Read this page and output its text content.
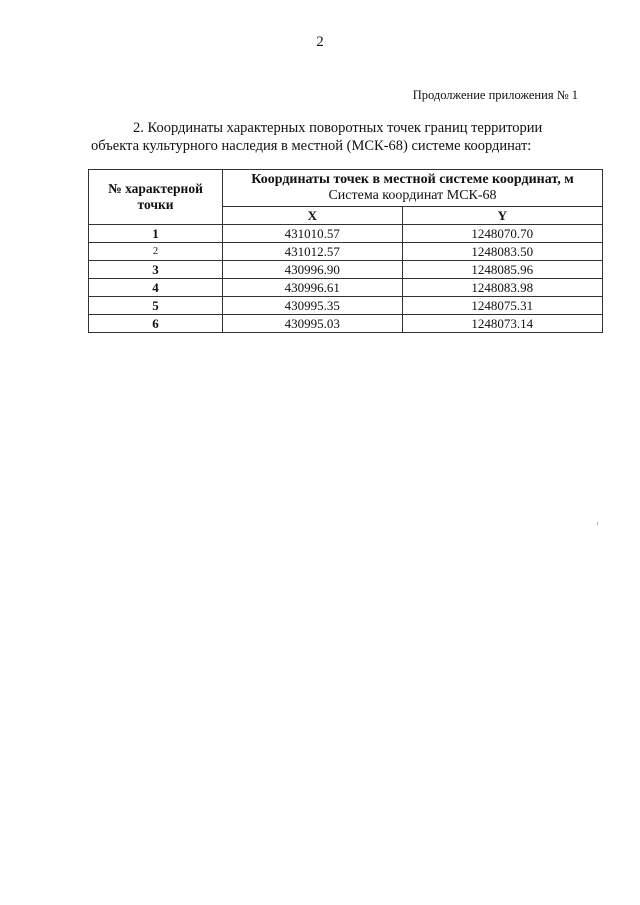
2
Продолжение приложения № 1
2. Координаты характерных поворотных точек границ территории
объекта культурного наследия в местной (МСК-68) системе координат:
№ характерной
точки	Координаты точек в местной системе координат, м
Система координат МСК-68	

	X	Y
1	431010.57	1248070.70
2	431012.57	1248083.50
3	430996.90	1248085.96
4	430996.61	1248083.98
5	430995.35	1248075.31
6	430995.03	1248073.14
